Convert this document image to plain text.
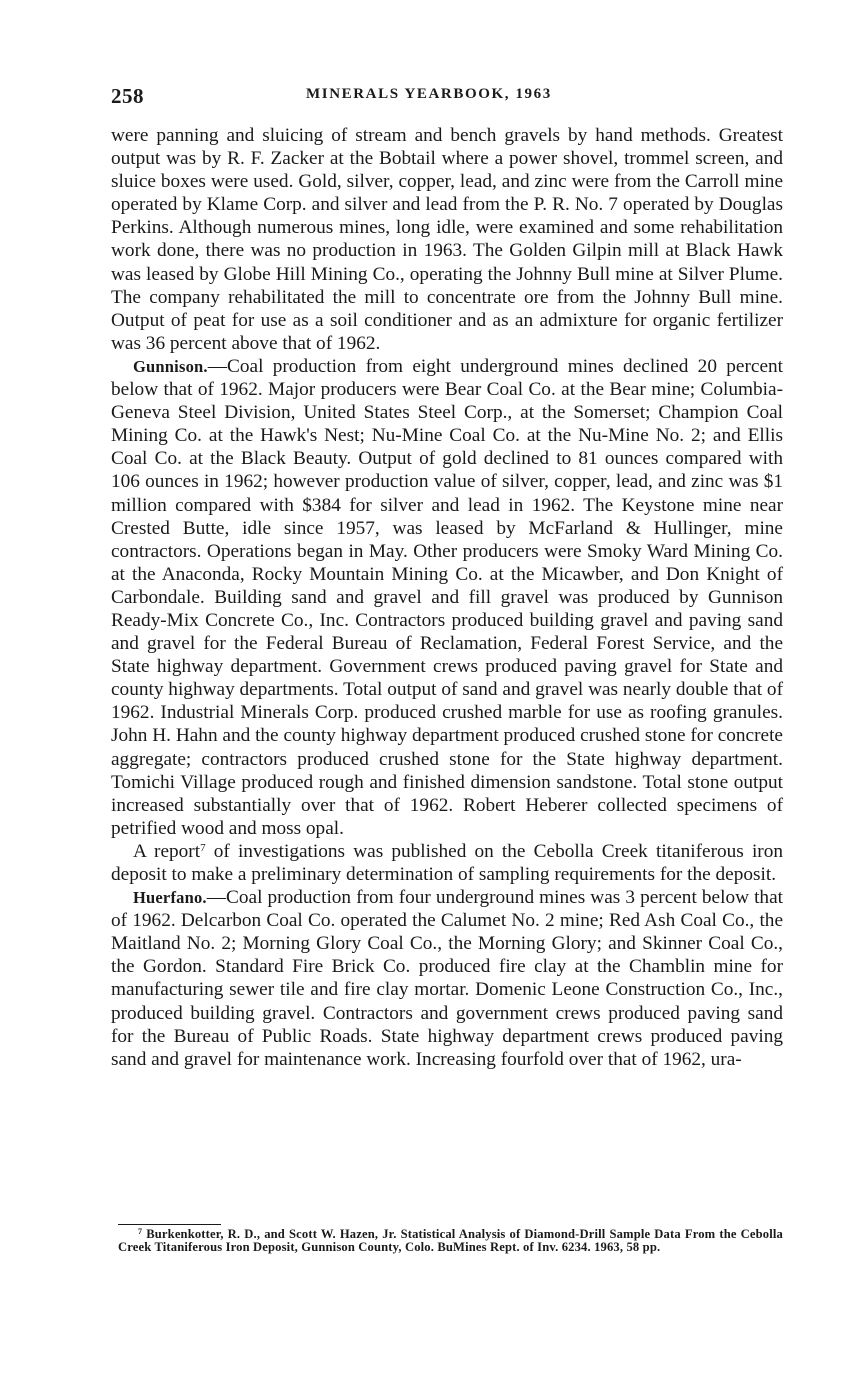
258	MINERALS YEARBOOK, 1963

were panning and sluicing of stream and bench gravels by hand methods. Greatest output was by R. F. Zacker at the Bobtail where a power shovel, trommel screen, and sluice boxes were used. Gold, silver, copper, lead, and zinc were from the Carroll mine operated by Klame Corp. and silver and lead from the P. R. No. 7 operated by Douglas Perkins. Although numerous mines, long idle, were examined and some rehabilitation work done, there was no production in 1963. The Golden Gilpin mill at Black Hawk was leased by Globe Hill Mining Co., operating the Johnny Bull mine at Silver Plume. The company rehabilitated the mill to concentrate ore from the Johnny Bull mine. Output of peat for use as a soil conditioner and as an admixture for organic fertilizer was 36 percent above that of 1962.

Gunnison.—Coal production from eight underground mines declined 20 percent below that of 1962. Major producers were Bear Coal Co. at the Bear mine; Columbia-Geneva Steel Division, United States Steel Corp., at the Somerset; Champion Coal Mining Co. at the Hawk's Nest; Nu-Mine Coal Co. at the Nu-Mine No. 2; and Ellis Coal Co. at the Black Beauty. Output of gold declined to 81 ounces compared with 106 ounces in 1962; however production value of silver, copper, lead, and zinc was $1 million compared with $384 for silver and lead in 1962. The Keystone mine near Crested Butte, idle since 1957, was leased by McFarland & Hullinger, mine contractors. Operations began in May. Other producers were Smoky Ward Mining Co. at the Anaconda, Rocky Mountain Mining Co. at the Micawber, and Don Knight of Carbondale. Building sand and gravel and fill gravel was produced by Gunnison Ready-Mix Concrete Co., Inc. Contractors produced building gravel and paving sand and gravel for the Federal Bureau of Reclamation, Federal Forest Service, and the State highway department. Government crews produced paving gravel for State and county highway departments. Total output of sand and gravel was nearly double that of 1962. Industrial Minerals Corp. produced crushed marble for use as roofing granules. John H. Hahn and the county highway department produced crushed stone for concrete aggregate; contractors produced crushed stone for the State highway department. Tomichi Village produced rough and finished dimension sandstone. Total stone output increased substantially over that of 1962. Robert Heberer collected specimens of petrified wood and moss opal.

A report$^7$ of investigations was published on the Cebolla Creek titaniferous iron deposit to make a preliminary determination of sampling requirements for the deposit.

Huerfano.—Coal production from four underground mines was 3 percent below that of 1962. Delcarbon Coal Co. operated the Calumet No. 2 mine; Red Ash Coal Co., the Maitland No. 2; Morning Glory Coal Co., the Morning Glory; and Skinner Coal Co., the Gordon. Standard Fire Brick Co. produced fire clay at the Chamblin mine for manufacturing sewer tile and fire clay mortar. Domenic Leone Construction Co., Inc., produced building gravel. Contractors and government crews produced paving sand for the Bureau of Public Roads. State highway department crews produced paving sand and gravel for maintenance work. Increasing fourfold over that of 1962, ura-

$^7$ Burkenkotter, R. D., and Scott W. Hazen, Jr. Statistical Analysis of Diamond-Drill Sample Data From the Cebolla Creek Titaniferous Iron Deposit, Gunnison County, Colo. BuMines Rept. of Inv. 6234. 1963, 58 pp.
